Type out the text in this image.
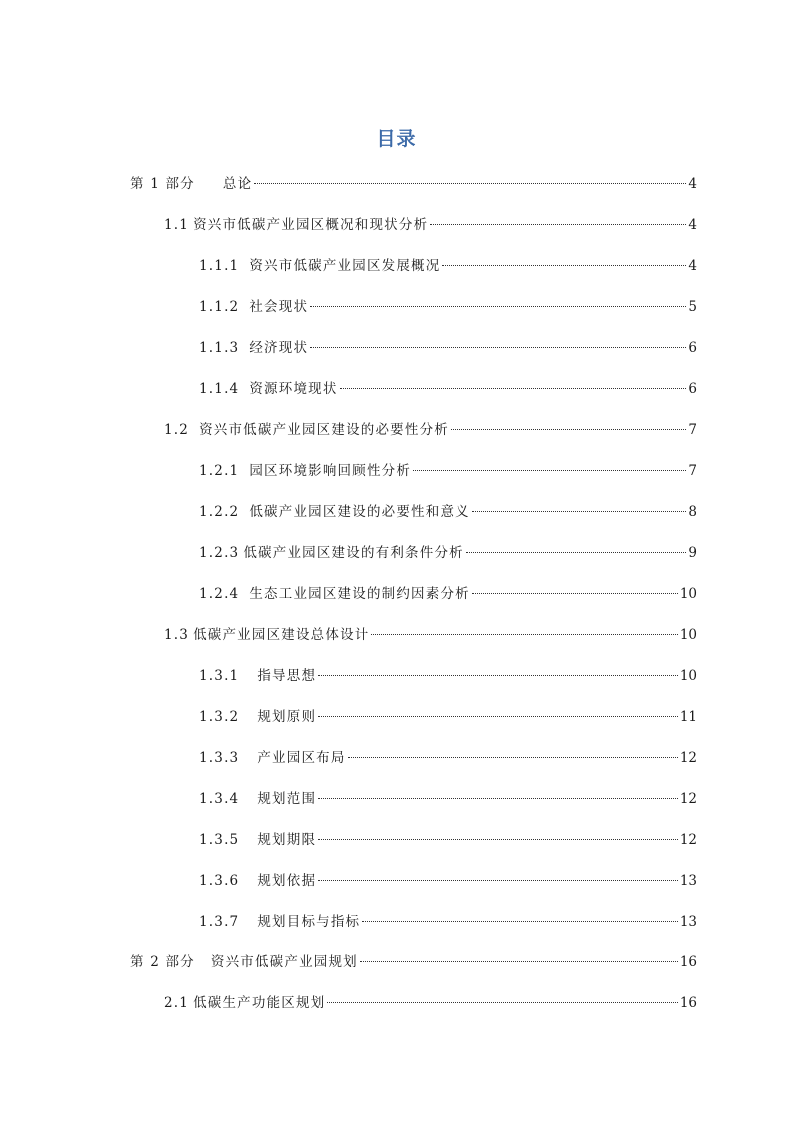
目录
第 1 部分 总论	4
1.1 资兴市低碳产业园区概况和现状分析	4
1.1.1 资兴市低碳产业园区发展概况	4
1.1.2 社会现状	5
1.1.3 经济现状	6
1.1.4 资源环境现状	6
1.2 资兴市低碳产业园区建设的必要性分析	7
1.2.1 园区环境影响回顾性分析	7
1.2.2 低碳产业园区建设的必要性和意义	8
1.2.3 低碳产业园区建设的有利条件分析	9
1.2.4 生态工业园区建设的制约因素分析	10
1.3 低碳产业园区建设总体设计	10
1.3.1 指导思想	10
1.3.2 规划原则	11
1.3.3 产业园区布局	12
1.3.4 规划范围	12
1.3.5 规划期限	12
1.3.6 规划依据	13
1.3.7 规划目标与指标	13
第 2 部分 资兴市低碳产业园规划	16
2.1 低碳生产功能区规划	16
